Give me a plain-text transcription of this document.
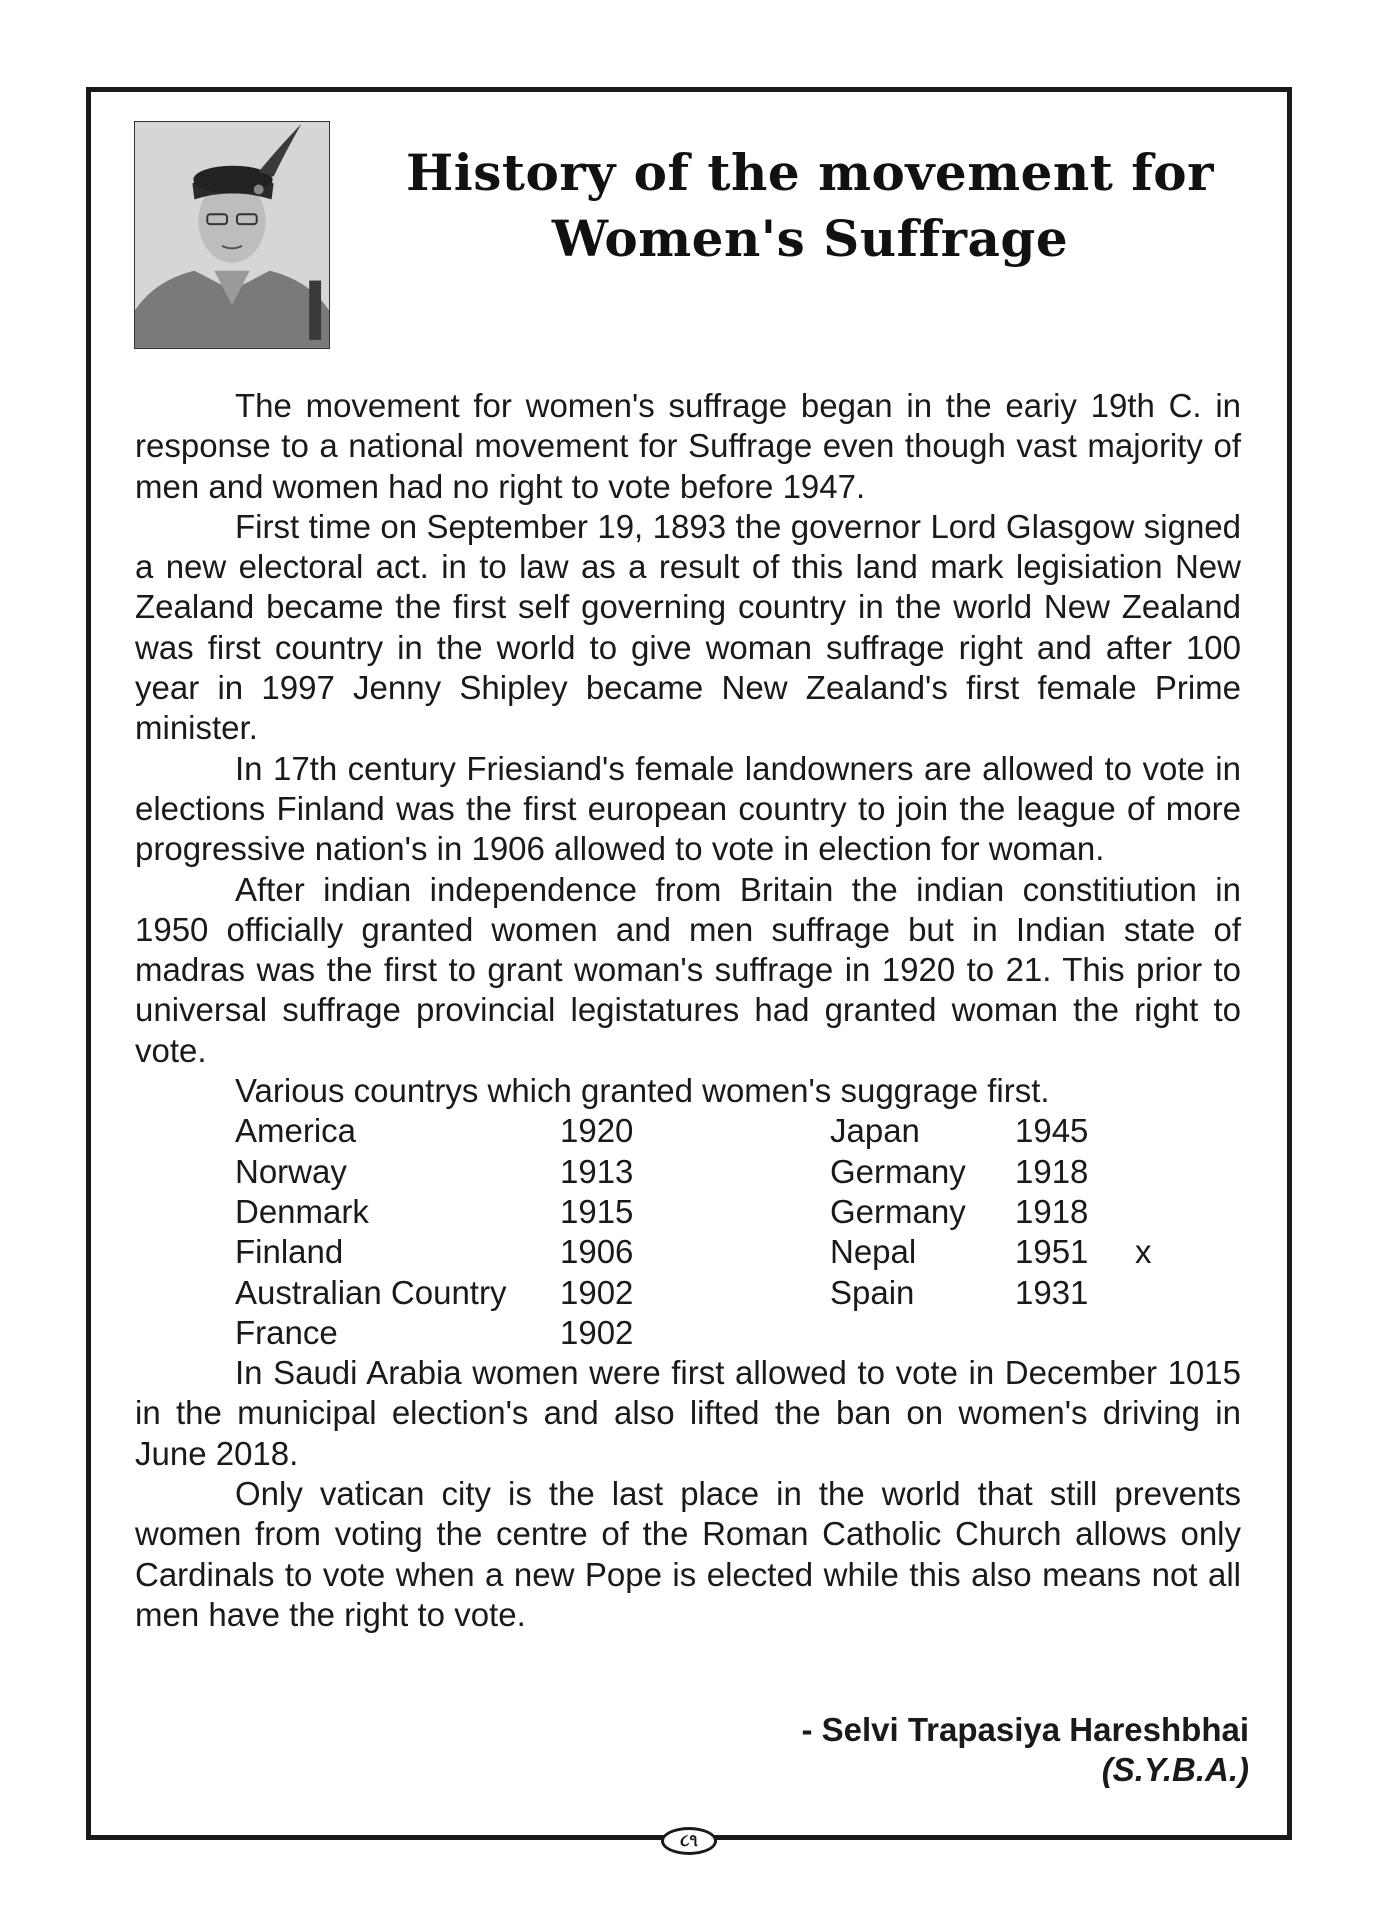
History of the movement for
Women's Suffrage

The movement for women's suffrage began in the eariy 19th C. in response to a national movement for Suffrage even though vast majority of men and women had no right to vote before 1947.

First time on September 19, 1893 the governor Lord Glasgow signed a new electoral act. in to law as a result of this land mark legisiation New Zealand became the first self governing country in the world New Zealand was first country in the world to give woman suffrage right and after 100 year in 1997 Jenny Shipley became New Zealand's first female Prime minister.

In 17th century Friesiand's female landowners are allowed to vote in elections Finland was the first european country to join the league of more progressive nation's in 1906 allowed to vote in election for woman.

After indian independence from Britain the indian constitiution in 1950 officially granted women and men suffrage but in Indian state of madras was the first to grant woman's suffrage in 1920 to 21. This prior to universal suffrage provincial legistatures had granted woman the right to vote.

Various countrys which granted women's suggrage first.

America	1920	Japan	1945
Norway	1913	Germany 1918
Denmark	1915	Germany 1918
Finland	1906	Nepal	1951 x
Australian Country 1902	Spain	1931
France	1902

In Saudi Arabia women were first allowed to vote in December 1015 in the municipal election's and also lifted the ban on women's driving in June 2018.

Only vatican city is the last place in the world that still prevents women from voting the centre of the Roman Catholic Church allows only Cardinals to vote when a new Pope is elected while this also means not all men have the right to vote.

- Selvi Trapasiya Hareshbhai
(S.Y.B.A.)
૮૧
